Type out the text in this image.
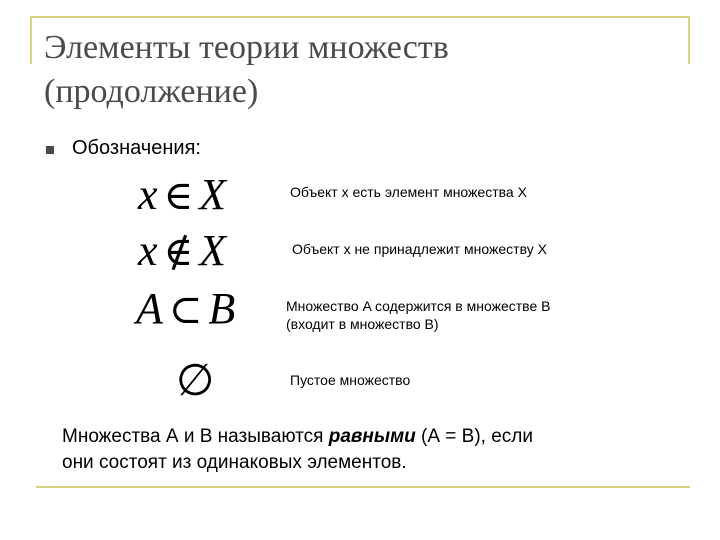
Элементы теории множеств
(продолжение)
Обозначения:
x ∈ X	Объект x есть элемент множества X
x ∉ X	Объект x не принадлежит множеству X
A ⊂ B	Множество A содержится в множестве B
(входит в множество B)
∅	Пустое множество
Множества А и В называются равными (А = В), если
они состоят из одинаковых элементов.
